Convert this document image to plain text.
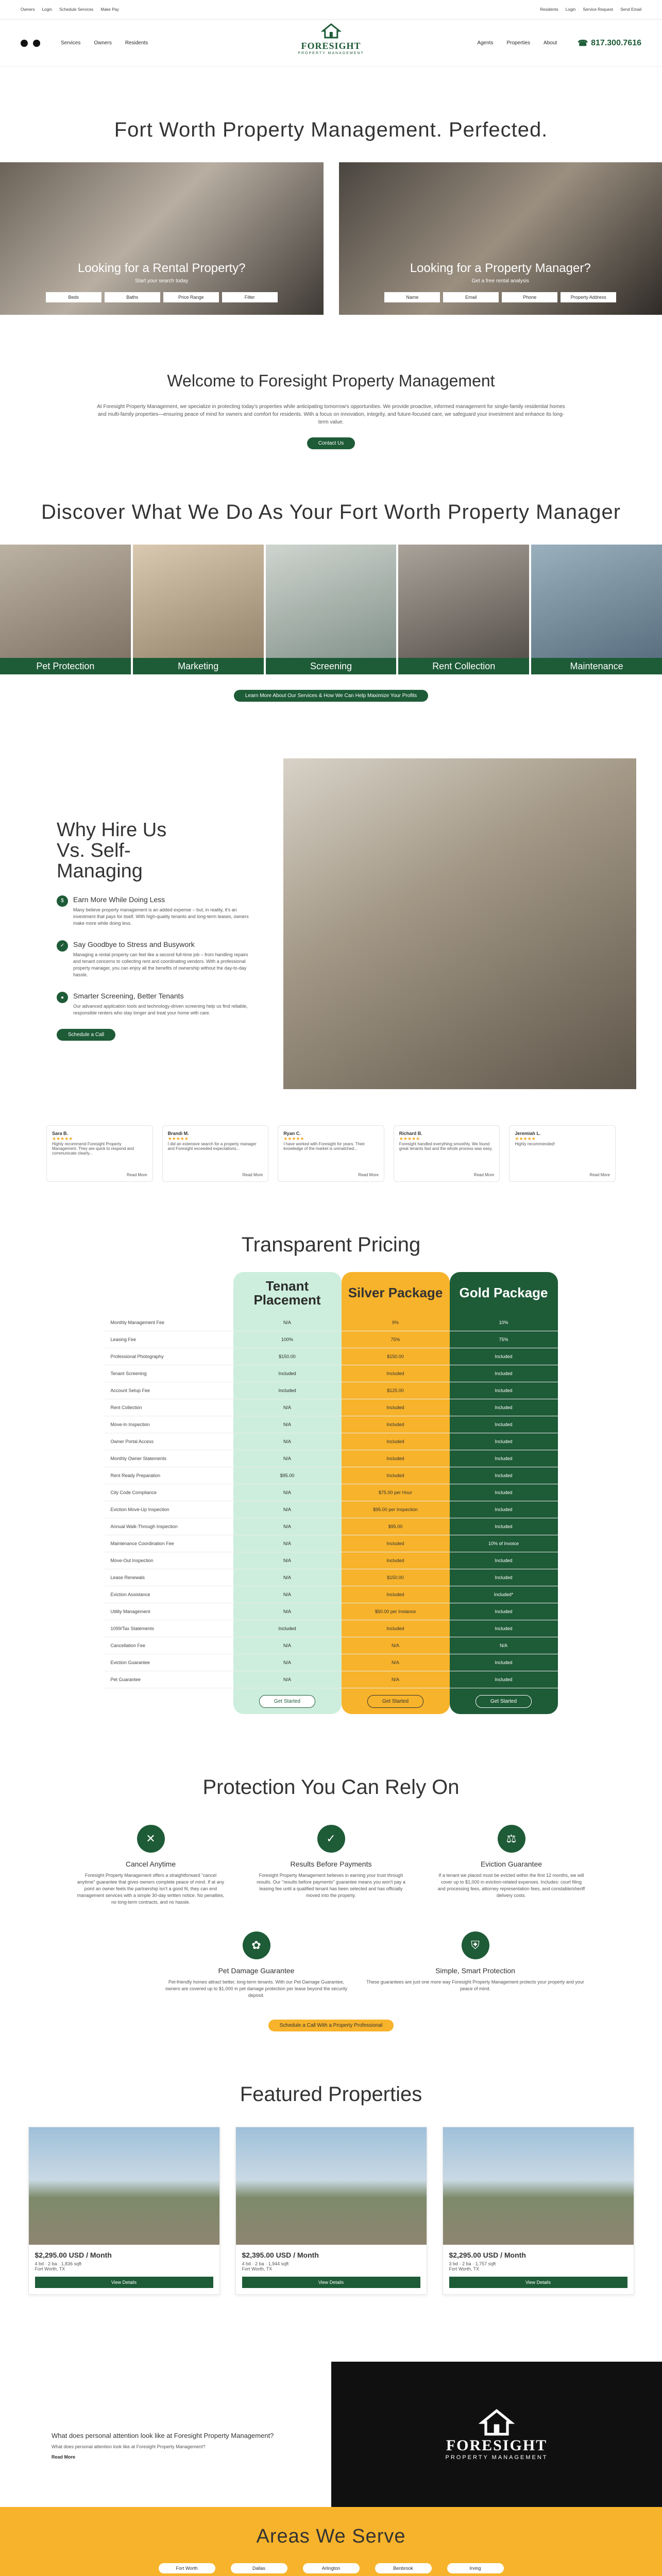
Owners Login Schedule Services Make Pay	Residents Login Service Request Send Email
Services	Owners	Residents	FORESIGHT
PROPERTY MANAGEMENT
Agents	Properties	About	☎ 817.300.7616
Fort Worth Property Management. Perfected.
Looking for a Rental Property?
Start your search today
Beds	Baths	Price Range	Filter
Looking for a Property Manager?
Get a free rental analysis
Name	Email	Phone	Property Address
Welcome to Foresight Property Management

At Foresight Property Management, we specialize in protecting today's properties while anticipating tomorrow's opportunities. We provide proactive, informed management for single-family residential homes and multi-family properties—ensuring peace of mind for owners and comfort for residents. With a focus on innovation, integrity, and future-focused care, we safeguard your investment and enhance its long-term value.

Contact Us
Discover What We Do As Your Fort Worth Property Manager
Pet Protection	Marketing	Screening	Rent Collection	Maintenance
Learn More About Our Services & How We Can Help Maximize Your Profits
Why Hire Us
Vs. Self-
Managing
$	Earn More While Doing Less

Many believe property management is an added expense – but, in reality, it's an investment that pays for itself. With high-quality tenants and long-term leases, owners make more while doing less.

✓	Say Goodbye to Stress and Busywork

Managing a rental property can feel like a second full-time job – from handling repairs and tenant concerns to collecting rent and coordinating vendors. With a professional property manager, you can enjoy all the benefits of ownership without the day-to-day hassle.

●	Smarter Screening, Better Tenants

Our advanced application tools and technology-driven screening help us find reliable, responsible renters who stay longer and treat your home with care.

Schedule a Call
Sara B.
★★★★★
Highly recommend Foresight Property Management. They are quick to respond and communicate clearly...
Read More
Brandi M.
★★★★★
I did an extensive search for a property manager and Foresight exceeded expectations...
Read More
Ryan C.
★★★★★
I have worked with Foresight for years. Their knowledge of the market is unmatched...
Read More
Richard B.
★★★★★
Foresight handled everything smoothly. We found great tenants fast and the whole process was easy.
Read More
Jeremiah L.
★★★★★
Highly recommended!
Read More
Transparent Pricing
Tenant Placement	Silver Package	Gold Package
Monthly Management Fee	N/A	9%	10%
Leasing Fee	100%	75%	75%
Professional Photography	$150.00	$150.00	Included
Tenant Screening	Included	Included	Included
Account Setup Fee	Included	$125.00	Included
Rent Collection	N/A	Included	Included
Move-In Inspection	N/A	Included	Included
Owner Portal Access	N/A	Included	Included
Monthly Owner Statements	N/A	Included	Included
Rent Ready Preparation	$95.00	Included	Included
City Code Compliance	N/A	$75.00 per Hour	Included
Eviction Move-Up Inspection	N/A	$95.00 per Inspection	Included
Annual Walk-Through Inspection	N/A	$95.00	Included
Maintenance Coordination Fee	N/A	Included	10% of Invoice
Move-Out Inspection	N/A	Included	Included
Lease Renewals	N/A	$150.00	Included
Eviction Assistance	N/A	Included	Included*
Utility Management	N/A	$50.00 per Instance	Included
1099/Tax Statements	Included	Included	Included
Cancellation Fee	N/A	N/A	N/A
Eviction Guarantee	N/A	N/A	Included
Pet Guarantee	N/A	N/A	Included
Get Started	Get Started	Get Started
Protection You Can Rely On
✕
Cancel Anytime

Foresight Property Management offers a straightforward "cancel anytime" guarantee that gives owners complete peace of mind. If at any point an owner feels the partnership isn't a good fit, they can end management services with a simple 30-day written notice. No penalties, no long-term contracts, and no hassle.

✓
Results Before Payments

Foresight Property Management believes in earning your trust through results. Our "results before payments" guarantee means you won't pay a leasing fee until a qualified tenant has been selected and has officially moved into the property.

⚖
Eviction Guarantee

If a tenant we placed must be evicted within the first 12 months, we will cover up to $1,000 in eviction-related expenses. Includes: court filing and processing fees, attorney representation fees, and constable/sheriff delivery costs.

✿
Pet Damage Guarantee

Pet-friendly homes attract better, long-term tenants. With our Pet Damage Guarantee, owners are covered up to $1,000 in pet damage protection per lease beyond the security deposit.

⛨
Simple, Smart Protection

These guarantees are just one more way Foresight Property Management protects your property and your peace of mind.

Schedule a Call With a Property Professional
Featured Properties
$2,295.00 USD / Month
4 bd · 2 ba · 1,836 sqft
Fort Worth, TX
View Details
$2,395.00 USD / Month
4 bd · 2 ba · 1,944 sqft
Fort Worth, TX
View Details
$2,295.00 USD / Month
3 bd · 2 ba · 1,757 sqft
Fort Worth, TX
View Details
What does personal attention look like at Foresight Property Management?

What does personal attention look like at Foresight Property Management?

Read More
FORESIGHT
PROPERTY MANAGEMENT
Areas We Serve
Fort Worth	Dallas	Arlington	Benbrook	Irving
